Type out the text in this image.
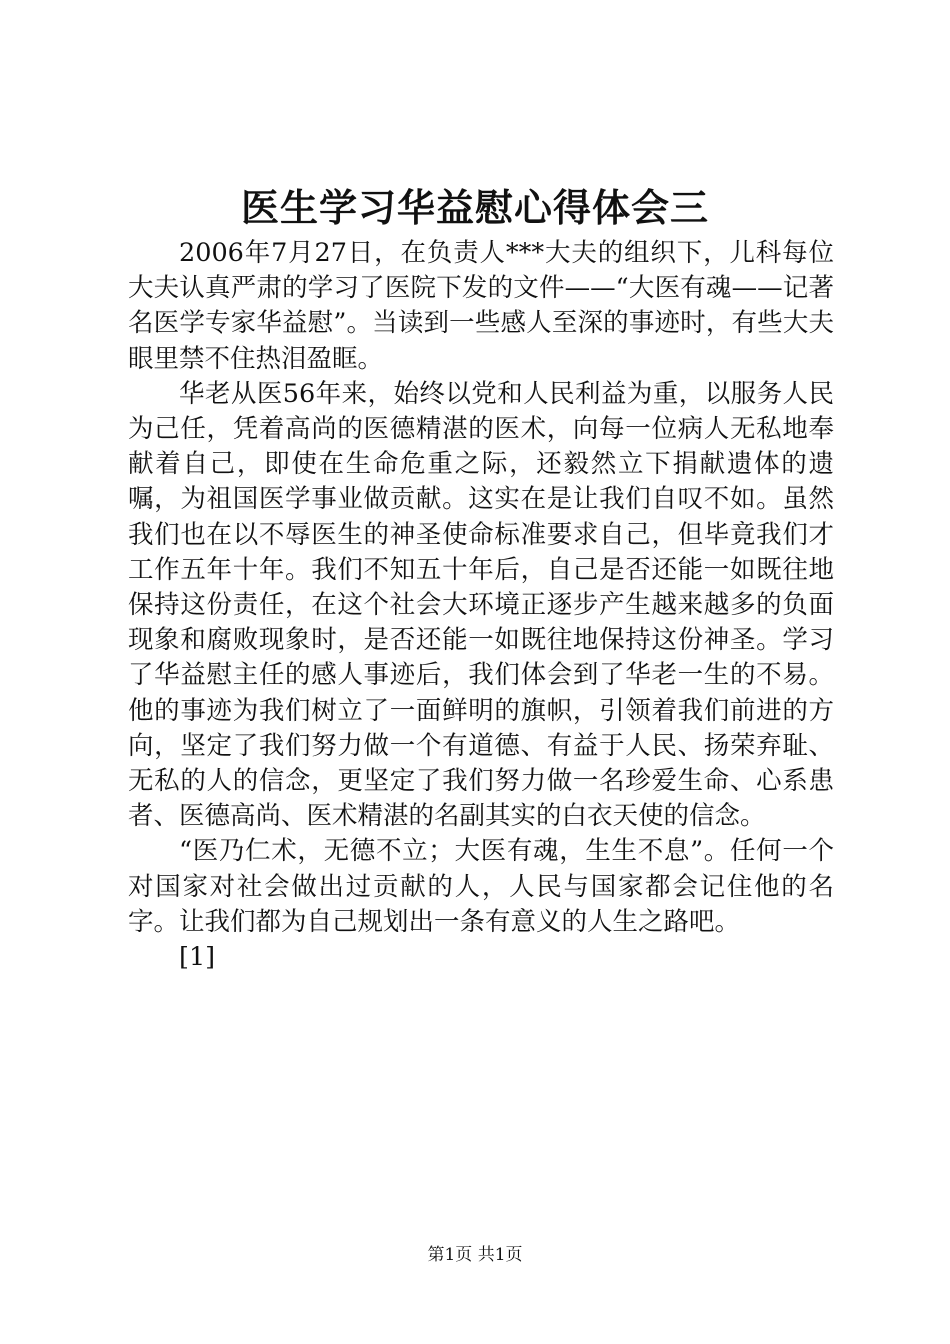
医生学习华益慰心得体会三

2006年7月27日，在负责人***大夫的组织下，儿科每位大夫认真严肃的学习了医院下发的文件——“大医有魂——记著名医学专家华益慰”。当读到一些感人至深的事迹时，有些大夫眼里禁不住热泪盈眶。

华老从医56年来，始终以党和人民利益为重，以服务人民为己任，凭着高尚的医德精湛的医术，向每一位病人无私地奉献着自己，即使在生命危重之际，还毅然立下捐献遗体的遗嘱，为祖国医学事业做贡献。这实在是让我们自叹不如。虽然我们也在以不辱医生的神圣使命标准要求自己，但毕竟我们才工作五年十年。我们不知五十年后，自己是否还能一如既往地保持这份责任，在这个社会大环境正逐步产生越来越多的负面现象和腐败现象时，是否还能一如既往地保持这份神圣。学习了华益慰主任的感人事迹后，我们体会到了华老一生的不易。他的事迹为我们树立了一面鲜明的旗帜，引领着我们前进的方向，坚定了我们努力做一个有道德、有益于人民、扬荣弃耻、无私的人的信念，更坚定了我们努力做一名珍爱生命、心系患者、医德高尚、医术精湛的名副其实的白衣天使的信念。

“医乃仁术，无德不立；大医有魂，生生不息”。任何一个对国家对社会做出过贡献的人，人民与国家都会记住他的名字。让我们都为自己规划出一条有意义的人生之路吧。

[1]

第1页 共1页
